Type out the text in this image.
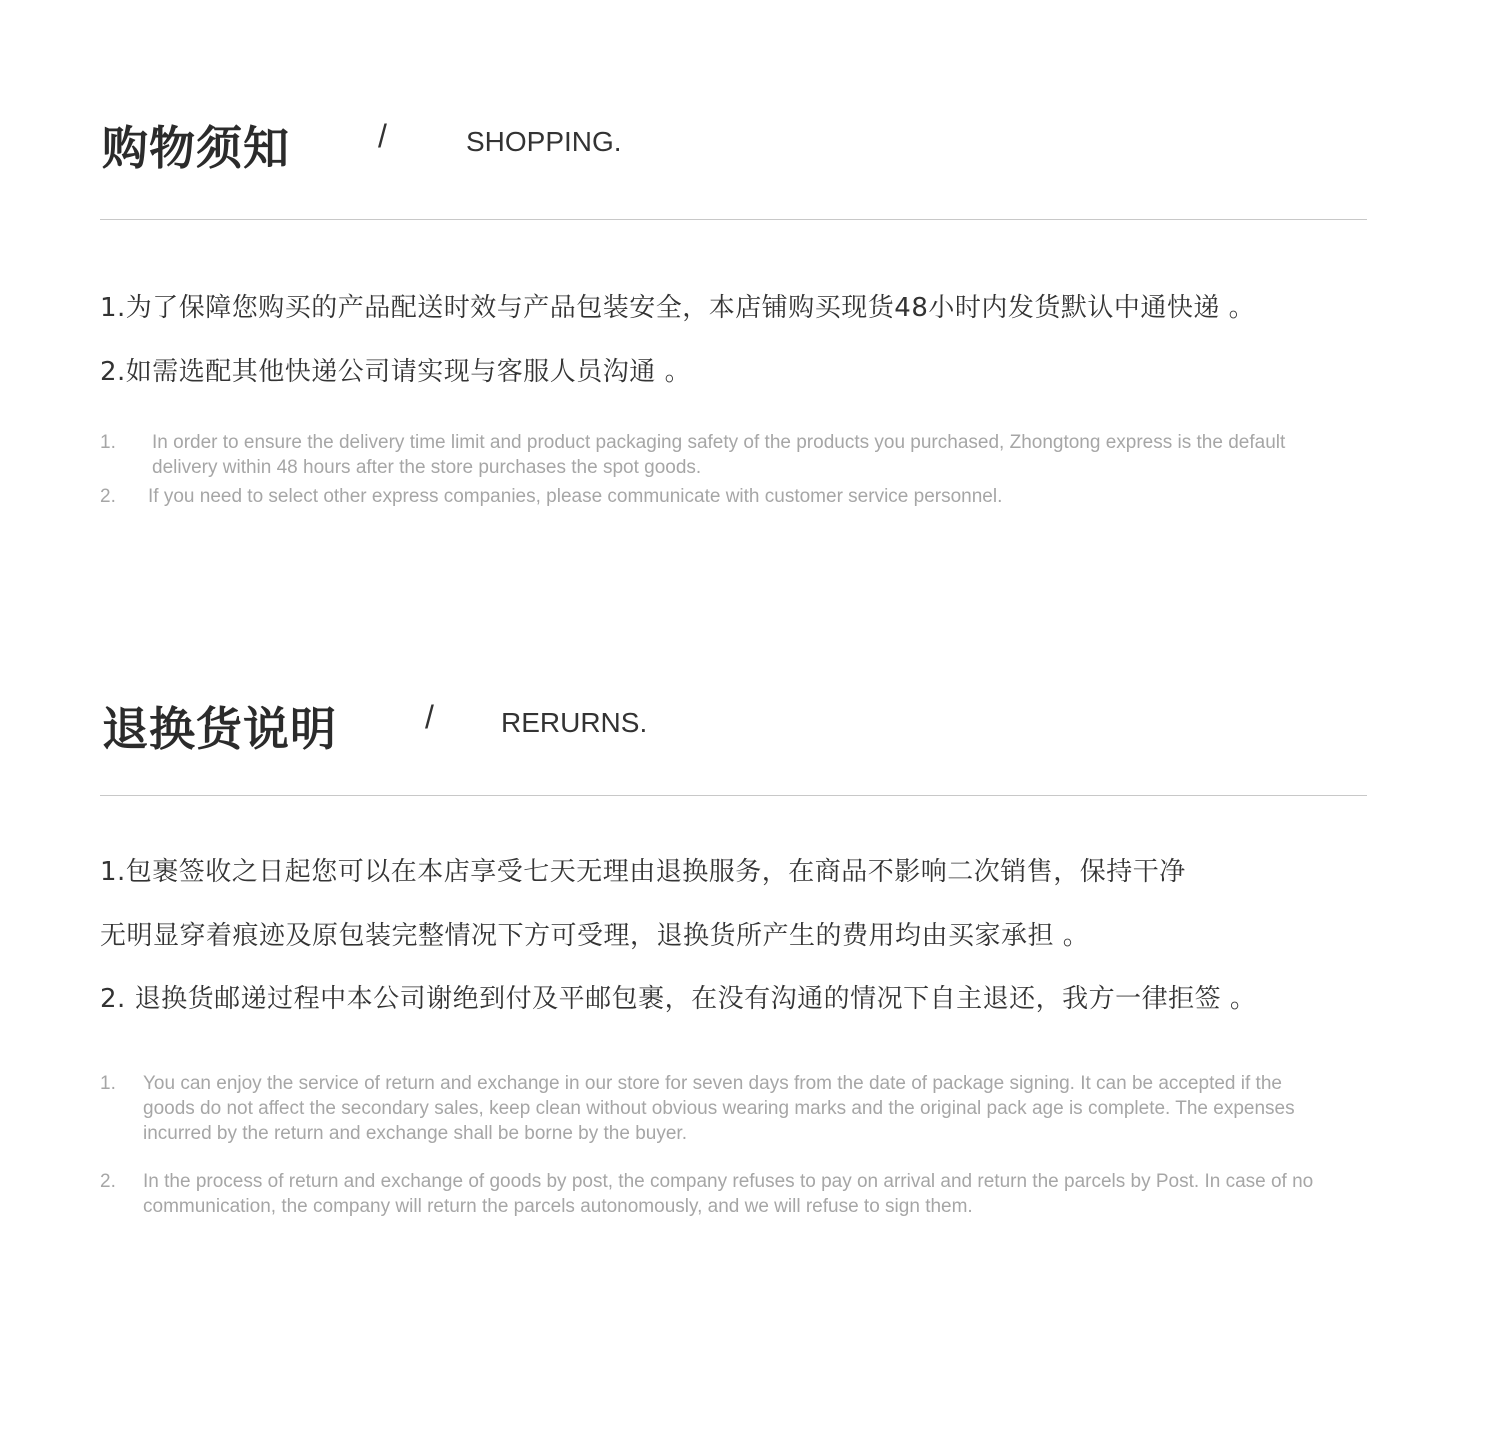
购物须知	/	SHOPPING.
1.为了保障您购买的产品配送时效与产品包装安全，本店铺购买现货48小时内发货默认中通快递 。
2.如需选配其他快递公司请实现与客服人员沟通 。
1. In order to ensure the delivery time limit and product packaging safety of the products you purchased, Zhongtong express is the default delivery within 48 hours after the store purchases the spot goods.
2. If you need to select other express companies, please communicate with customer service personnel.
退换货说明	/ RERURNS.
1.包裹签收之日起您可以在本店享受七天无理由退换服务，在商品不影响二次销售，保持干净
无明显穿着痕迹及原包装完整情况下方可受理，退换货所产生的费用均由买家承担 。
2. 退换货邮递过程中本公司谢绝到付及平邮包裹，在没有沟通的情况下自主退还，我方一律拒签 。
1. You can enjoy the service of return and exchange in our store for seven days from the date of package signing. It can be accepted if the goods do not affect the secondary sales, keep clean without obvious wearing marks and the original pack age is complete. The expenses incurred by the return and exchange shall be borne by the buyer.
2. In the process of return and exchange of goods by post, the company refuses to pay on arrival and return the parcels by Post. In case of no communication, the company will return the parcels autonomously, and we will refuse to sign them.
